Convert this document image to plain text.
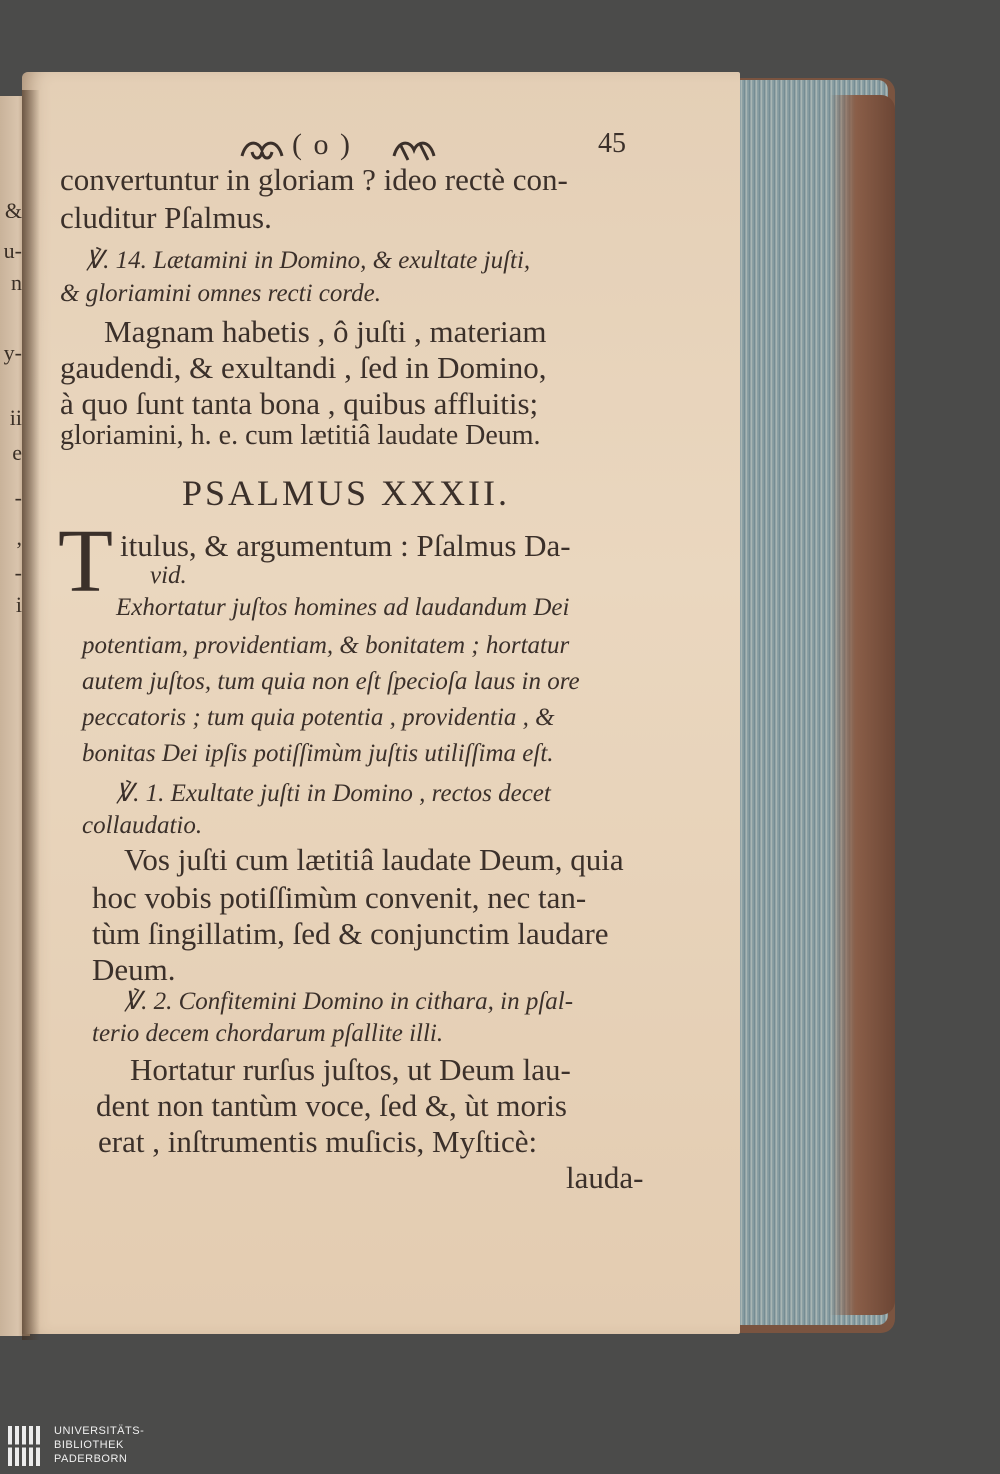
&
u-
n
y-
ii
e
-
,
-
i
( o )	45
convertuntur in gloriam ? ideo rectè con-
cluditur Pſalmus.
℣. 14. Lætamini in Domino, & exultate juſti,
& gloriamini omnes recti corde.
Magnam habetis , ô juſti , materiam
gaudendi, & exultandi , ſed in Domino,
à quo ſunt tanta bona , quibus affluitis;
gloriamini, h. e. cum lætitiâ laudate Deum.
PSALMUS XXXII.
T itulus, & argumentum : Pſalmus Da-
vid.
Exhortatur juſtos homines ad laudandum Dei
potentiam, providentiam, & bonitatem ; hortatur
autem juſtos, tum quia non eſt ſpecioſa laus in ore
peccatoris ; tum quia potentia , providentia , &
bonitas Dei ipſis potiſſimùm juſtis utiliſſima eſt.
℣. 1. Exultate juſti in Domino , rectos decet
collaudatio.
Vos juſti cum lætitiâ laudate Deum, quia
hoc vobis potiſſimùm convenit, nec tan-
tùm ſingillatim, ſed & conjunctim laudare
Deum.
℣. 2. Confitemini Domino in cithara, in pſal-
terio decem chordarum pſallite illi.
Hortatur rurſus juſtos, ut Deum lau-
dent non tantùm voce, ſed &, ùt moris
erat , inſtrumentis muſicis, Myſticè:
lauda-
UNIVERSITÄTS-
BIBLIOTHEK
PADERBORN
